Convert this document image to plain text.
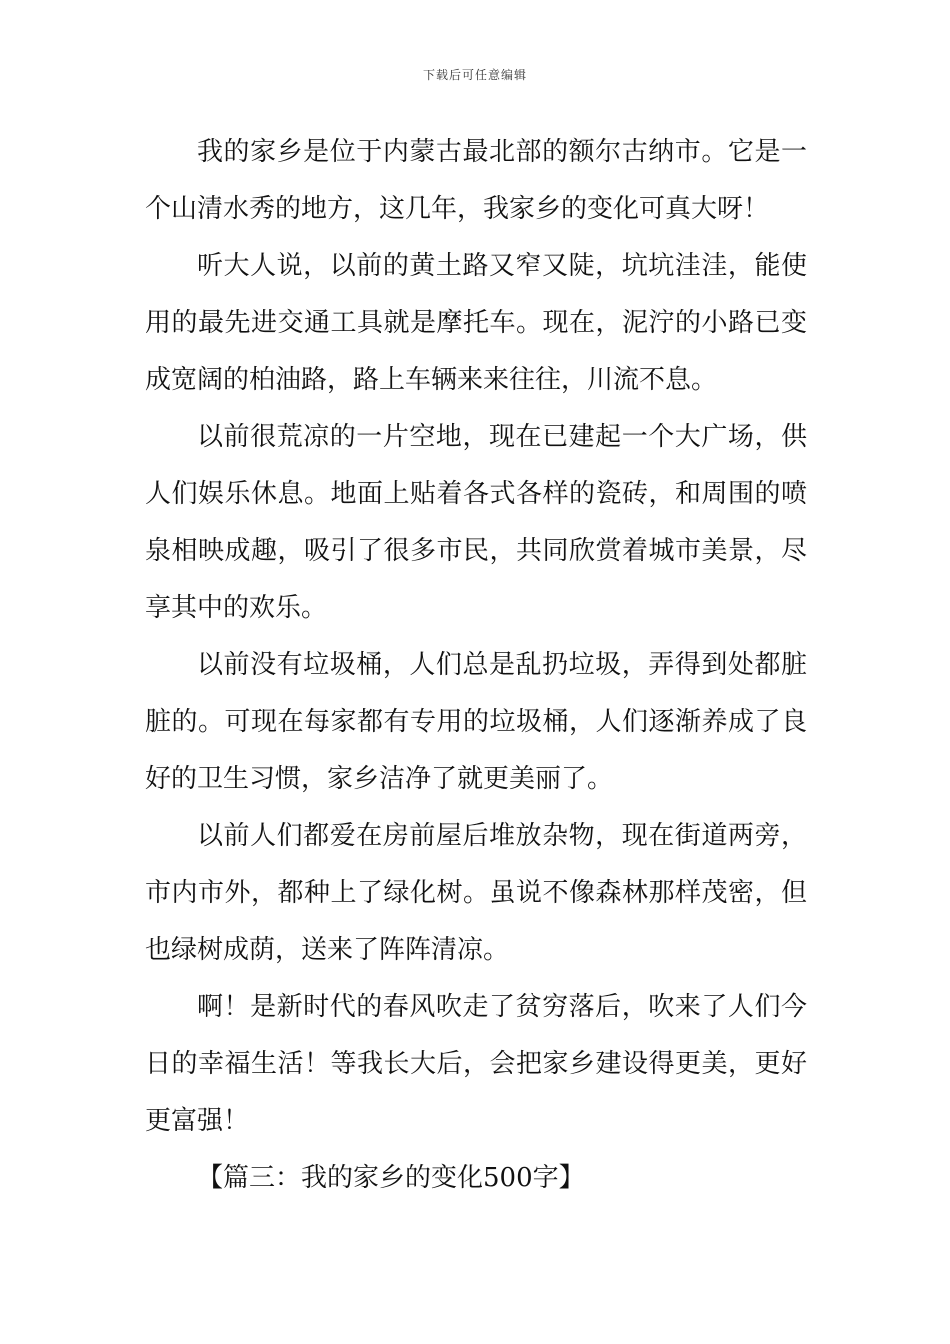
下载后可任意编辑

我的家乡是位于内蒙古最北部的额尔古纳市。它是一个山清水秀的地方，这几年，我家乡的变化可真大呀！

听大人说，以前的黄土路又窄又陡，坑坑洼洼，能使用的最先进交通工具就是摩托车。现在，泥泞的小路已变成宽阔的柏油路，路上车辆来来往往，川流不息。

以前很荒凉的一片空地，现在已建起一个大广场，供人们娱乐休息。地面上贴着各式各样的瓷砖，和周围的喷泉相映成趣，吸引了很多市民，共同欣赏着城市美景，尽享其中的欢乐。

以前没有垃圾桶，人们总是乱扔垃圾，弄得到处都脏脏的。可现在每家都有专用的垃圾桶，人们逐渐养成了良好的卫生习惯，家乡洁净了就更美丽了。

以前人们都爱在房前屋后堆放杂物，现在街道两旁，市内市外，都种上了绿化树。虽说不像森林那样茂密，但也绿树成荫，送来了阵阵清凉。

啊！是新时代的春风吹走了贫穷落后，吹来了人们今日的幸福生活！等我长大后，会把家乡建设得更美，更好更富强！

【篇三：我的家乡的变化500字】
